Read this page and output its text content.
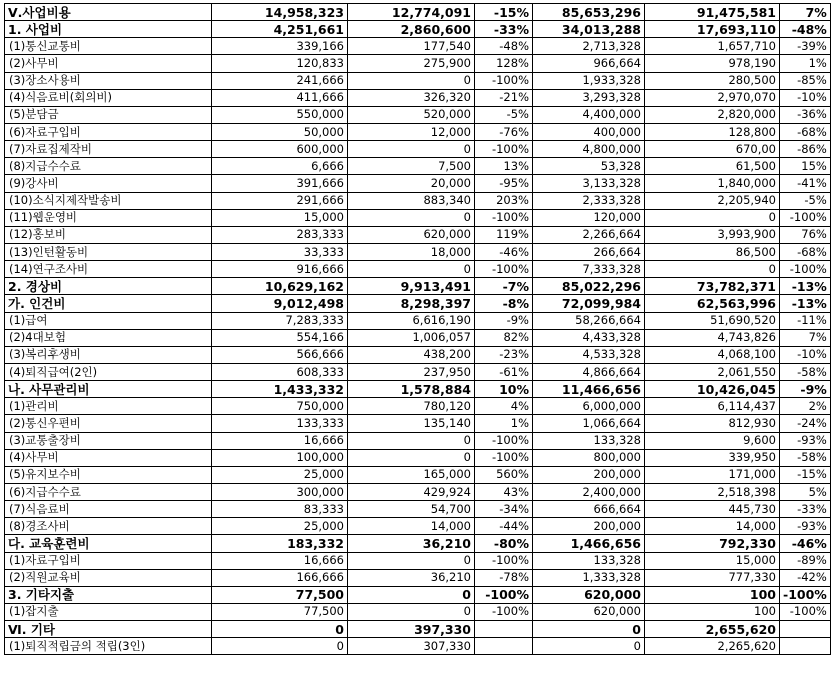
Ⅴ.사업비용	14,958,323	12,774,091	-15%	85,653,296	91,475,581	7%
1. 사업비	4,251,661	2,860,600	-33%	34,013,288	17,693,110	-48%
(1)통신교통비	339,166	177,540	-48%	2,713,328	1,657,710	-39%
(2)사무비	120,833	275,900	128%	966,664	978,190	1%
(3)장소사용비	241,666	0	-100%	1,933,328	280,500	-85%
(4)식음료비(회의비)	411,666	326,320	-21%	3,293,328	2,970,070	-10%
(5)분담금	550,000	520,000	-5%	4,400,000	2,820,000	-36%
(6)자료구입비	50,000	12,000	-76%	400,000	128,800	-68%
(7)자료집제작비	600,000	0	-100%	4,800,000	670,00	-86%
(8)지급수수료	6,666	7,500	13%	53,328	61,500	15%
(9)강사비	391,666	20,000	-95%	3,133,328	1,840,000	-41%
(10)소식지제작발송비	291,666	883,340	203%	2,333,328	2,205,940	-5%
(11)웹운영비	15,000	0	-100%	120,000	0	-100%
(12)홍보비	283,333	620,000	119%	2,266,664	3,993,900	76%
(13)인턴활동비	33,333	18,000	-46%	266,664	86,500	-68%
(14)연구조사비	916,666	0	-100%	7,333,328	0	-100%
2. 경상비	10,629,162	9,913,491	-7%	85,022,296	73,782,371	-13%
가. 인건비	9,012,498	8,298,397	-8%	72,099,984	62,563,996	-13%
(1)급여	7,283,333	6,616,190	-9%	58,266,664	51,690,520	-11%
(2)4대보험	554,166	1,006,057	82%	4,433,328	4,743,826	7%
(3)복리후생비	566,666	438,200	-23%	4,533,328	4,068,100	-10%
(4)퇴직급여(2인)	608,333	237,950	-61%	4,866,664	2,061,550	-58%
나. 사무관리비	1,433,332	1,578,884	10%	11,466,656	10,426,045	-9%
(1)관리비	750,000	780,120	4%	6,000,000	6,114,437	2%
(2)통신우편비	133,333	135,140	1%	1,066,664	812,930	-24%
(3)교통출장비	16,666	0	-100%	133,328	9,600	-93%
(4)사무비	100,000	0	-100%	800,000	339,950	-58%
(5)유지보수비	25,000	165,000	560%	200,000	171,000	-15%
(6)지급수수료	300,000	429,924	43%	2,400,000	2,518,398	5%
(7)식음료비	83,333	54,700	-34%	666,664	445,730	-33%
(8)경조사비	25,000	14,000	-44%	200,000	14,000	-93%
다. 교육훈련비	183,332	36,210	-80%	1,466,656	792,330	-46%
(1)자료구입비	16,666	0	-100%	133,328	15,000	-89%
(2)직원교육비	166,666	36,210	-78%	1,333,328	777,330	-42%
3. 기타지출	77,500	0	-100%	620,000	100	-100%
(1)잡지출	77,500	0	-100%	620,000	100	-100%
Ⅵ. 기타	0	397,330		0	2,655,620	
(1)퇴직적립금의 적립(3인)	0	307,330		0	2,265,620	
